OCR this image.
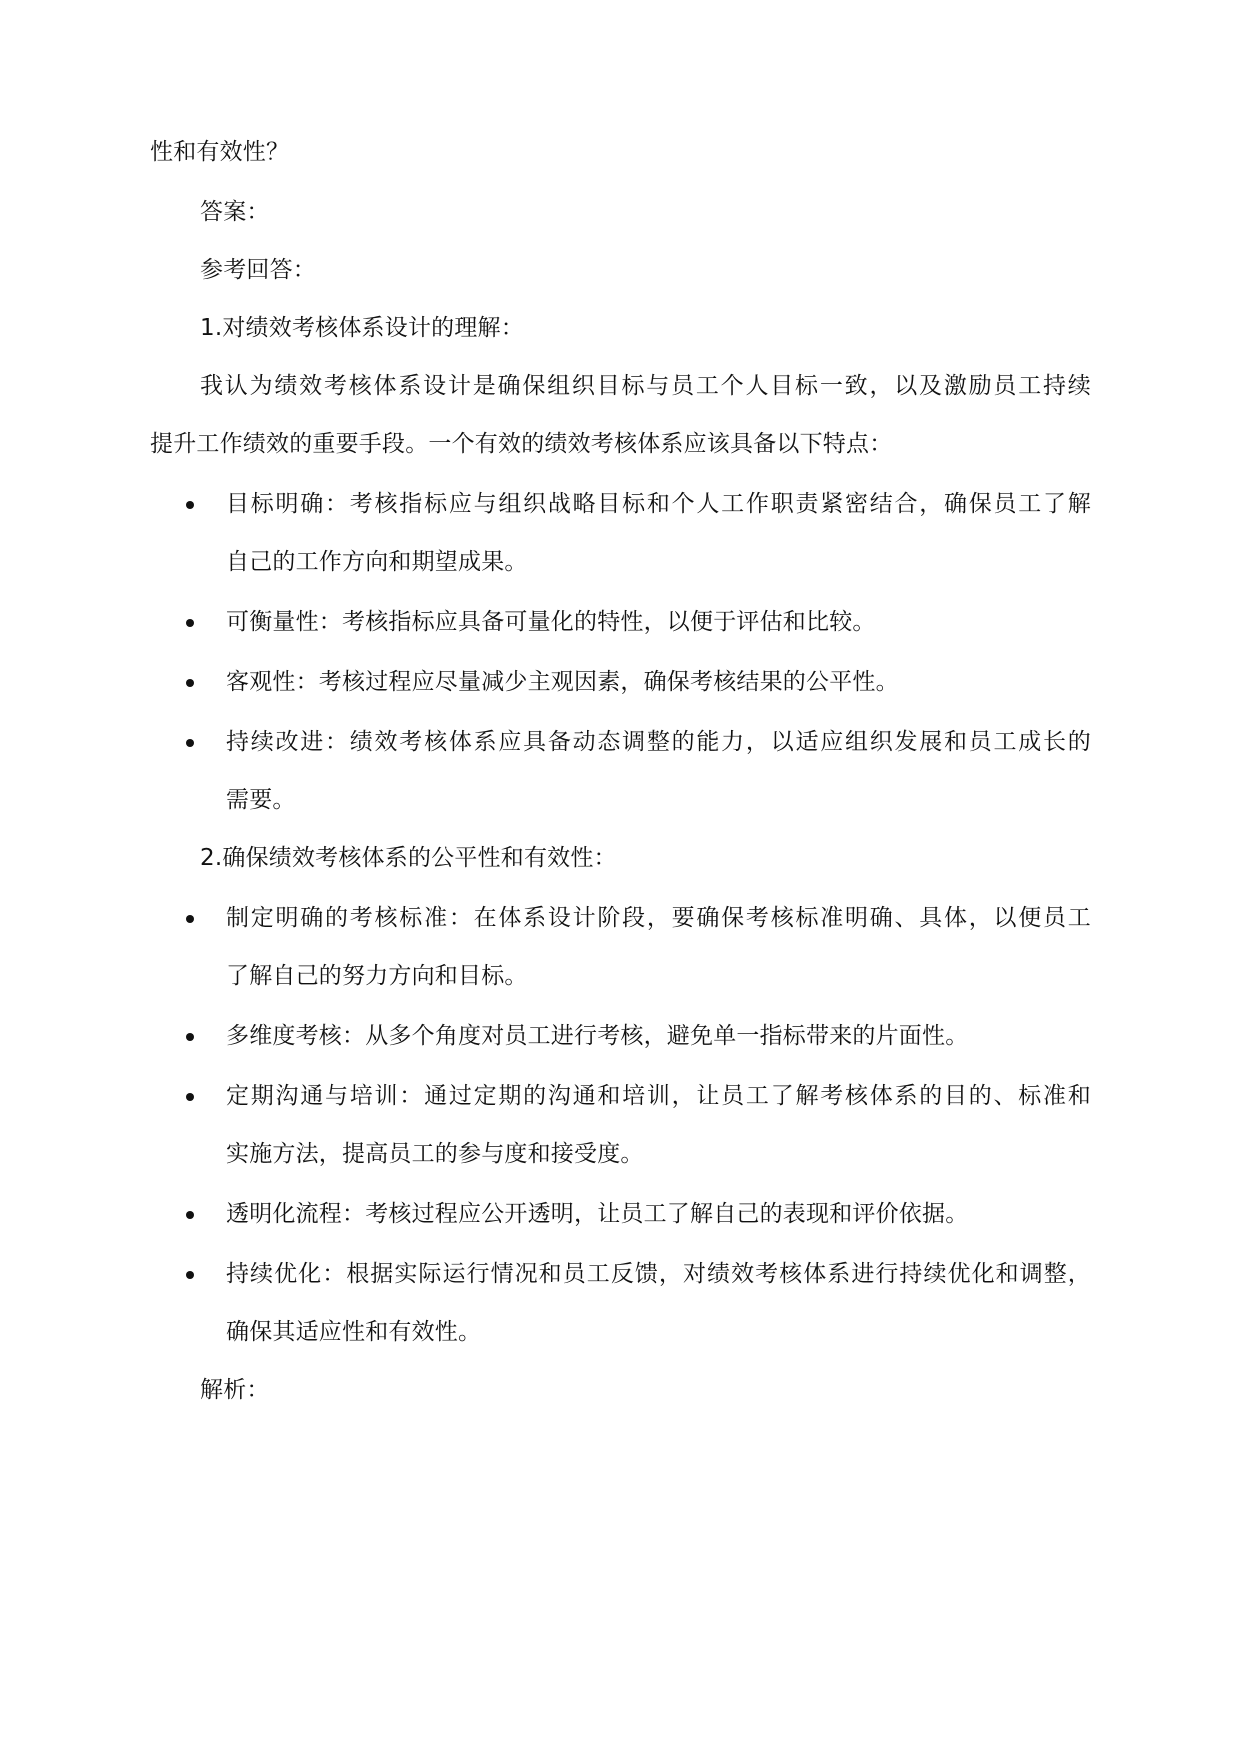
性和有效性？

答案：

参考回答：

1.对绩效考核体系设计的理解：

我认为绩效考核体系设计是确保组织目标与员工个人目标一致，以及激励员工持续

提升工作绩效的重要手段。一个有效的绩效考核体系应该具备以下特点：

目标明确：考核指标应与组织战略目标和个人工作职责紧密结合，确保员工了解

自己的工作方向和期望成果。

可衡量性：考核指标应具备可量化的特性，以便于评估和比较。

客观性：考核过程应尽量减少主观因素，确保考核结果的公平性。

持续改进：绩效考核体系应具备动态调整的能力，以适应组织发展和员工成长的

需要。

2.确保绩效考核体系的公平性和有效性：

制定明确的考核标准：在体系设计阶段，要确保考核标准明确、具体，以便员工

了解自己的努力方向和目标。

多维度考核：从多个角度对员工进行考核，避免单一指标带来的片面性。

定期沟通与培训：通过定期的沟通和培训，让员工了解考核体系的目的、标准和

实施方法，提高员工的参与度和接受度。

透明化流程：考核过程应公开透明，让员工了解自己的表现和评价依据。

持续优化：根据实际运行情况和员工反馈，对绩效考核体系进行持续优化和调整，

确保其适应性和有效性。

解析：
